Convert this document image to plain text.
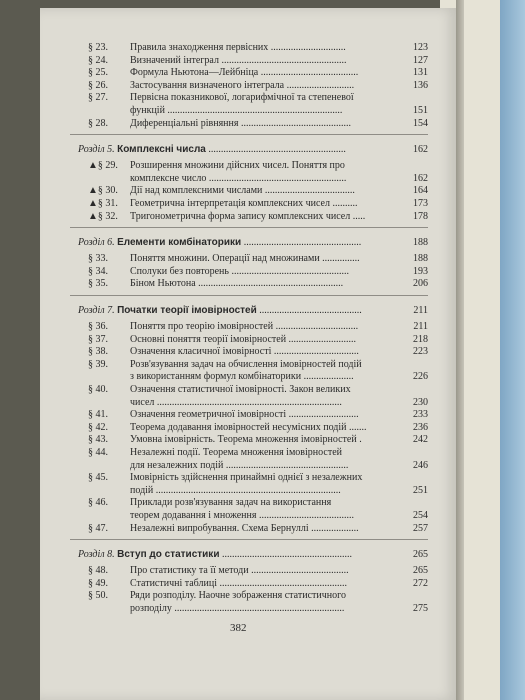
§ 23. Правила знаходження первісних ..............................	123
§ 24. Визначений інтеграл ..................................................	127
§ 25. Формула Ньютона—Лейбніца .......................................	131
§ 26. Застосування визначеного інтеграла ...........................	136
§ 27. Первісна показникової, логарифмічної та степеневої
функцій ......................................................................	151
§ 28. Диференціальні рівняння ............................................	154
Розділ 5. Комплексні числа .......................................................	162
▲§ 29. Розширення множини дійсних чисел. Поняття про
комплексне число .......................................................	162
▲§ 30. Дії над комплексними числами ....................................	164
▲§ 31. Геометрична інтерпретація комплексних чисел ..........	173
▲§ 32. Тригонометрична форма запису комплексних чисел .....	178
Розділ 6. Елементи комбінаторики ...............................................	188
§ 33. Поняття множини. Операції над множинами ...............	188
§ 34. Сполуки без повторень ...............................................	193
§ 35. Біном Ньютона ..........................................................	206
Розділ 7. Початки теорії імовірностей .........................................	211
§ 36. Поняття про теорію імовірностей .................................	211
§ 37. Основні поняття теорії імовірностей ...........................	218
§ 38. Означення класичної імовірності ..................................	223
§ 39. Розв'язування задач на обчислення імовірностей подій
з використанням формул комбінаторики ....................	226
§ 40. Означення статистичної імовірності. Закон великих
чисел ..........................................................................	230
§ 41. Означення геометричної імовірності ............................	233
§ 42. Теорема додавання імовірностей несумісних подій .......	236
§ 43. Умовна імовірність. Теорема множення імовірностей .	242
§ 44. Незалежні події. Теорема множення імовірностей
для незалежних подій .................................................	246
§ 45. Імовірність здійснення принаймні однієї з незалежних
подій ..........................................................................	251
§ 46. Приклади розв'язування задач на використання
теорем додавання і множення ......................................	254
§ 47. Незалежні випробування. Схема Бернуллі ...................	257
Розділ 8. Вступ до статистики ....................................................	265
§ 48. Про статистику та її методи .......................................	265
§ 49. Статистичні таблиці ...................................................	272
§ 50. Ряди розподілу. Наочне зображення статистичного
розподілу ....................................................................	275
382
